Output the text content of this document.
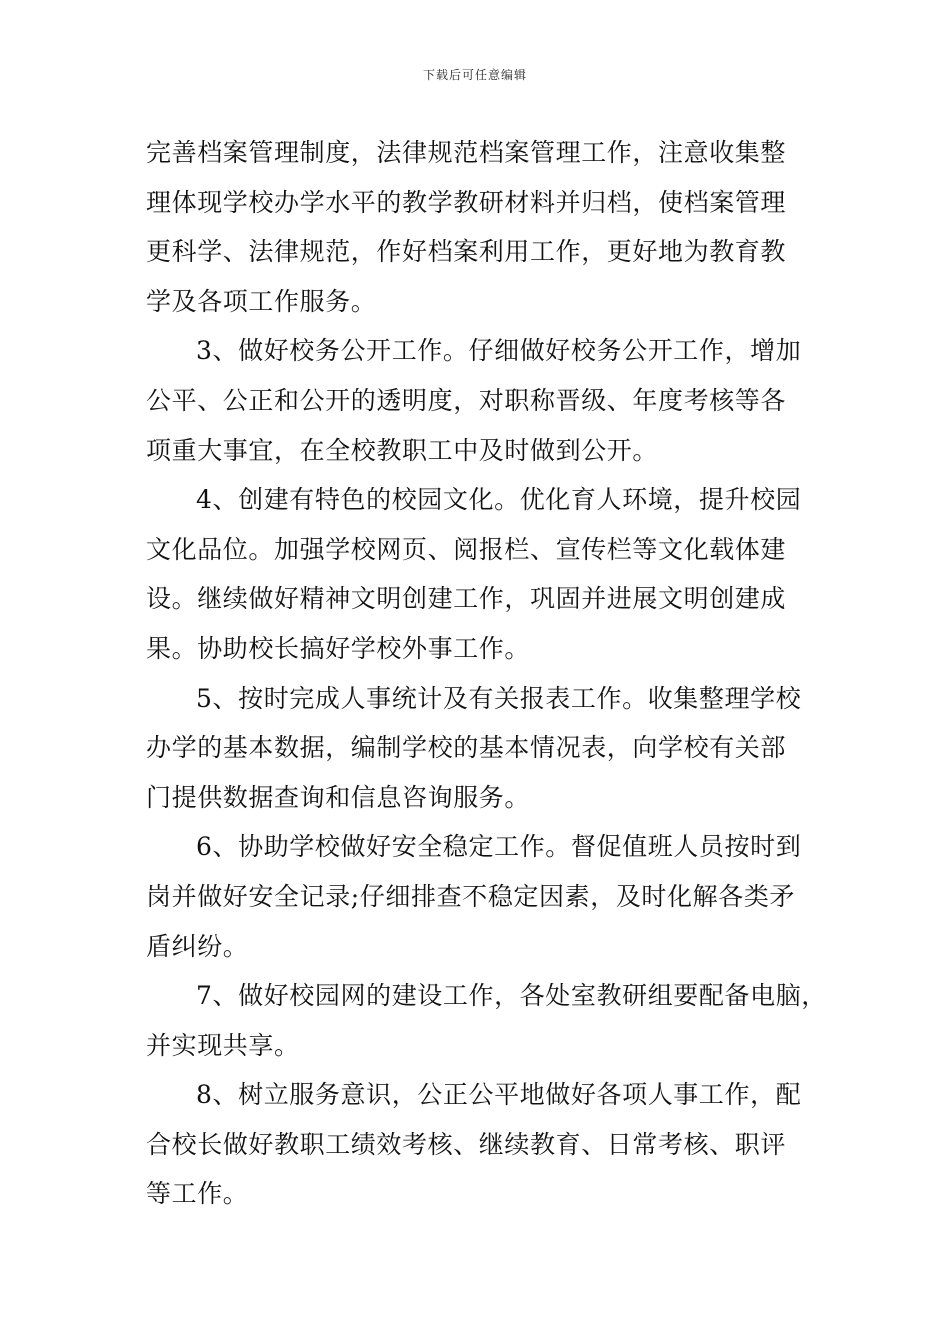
下载后可任意编辑
完善档案管理制度，法律规范档案管理工作，注意收集整
理体现学校办学水平的教学教研材料并归档，使档案管理
更科学、法律规范，作好档案利用工作，更好地为教育教
学及各项工作服务。
3、做好校务公开工作。仔细做好校务公开工作，增加
公平、公正和公开的透明度，对职称晋级、年度考核等各
项重大事宜，在全校教职工中及时做到公开。
4、创建有特色的校园文化。优化育人环境，提升校园
文化品位。加强学校网页、阅报栏、宣传栏等文化载体建
设。继续做好精神文明创建工作，巩固并进展文明创建成
果。协助校长搞好学校外事工作。
5、按时完成人事统计及有关报表工作。收集整理学校
办学的基本数据，编制学校的基本情况表，向学校有关部
门提供数据查询和信息咨询服务。
6、协助学校做好安全稳定工作。督促值班人员按时到
岗并做好安全记录;仔细排查不稳定因素，及时化解各类矛
盾纠纷。
7、做好校园网的建设工作，各处室教研组要配备电脑，
并实现共享。
8、树立服务意识，公正公平地做好各项人事工作，配
合校长做好教职工绩效考核、继续教育、日常考核、职评
等工作。
